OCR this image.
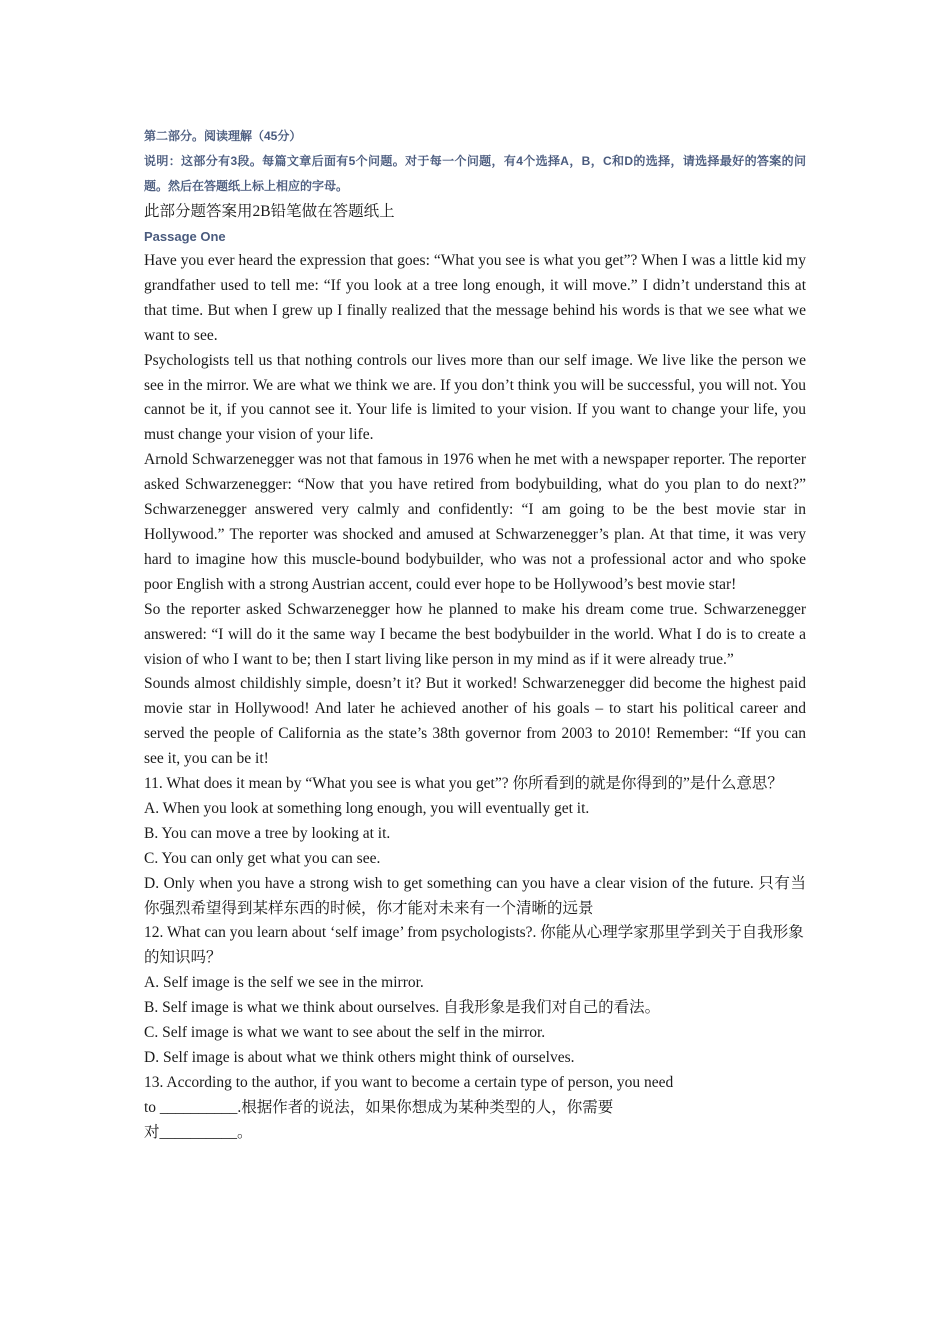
第二部分。阅读理解（45分）

说明：这部分有3段。每篇文章后面有5个问题。对于每一个问题，有4个选择A，B，C和D的选择，请选择最好的答案的问题。然后在答题纸上标上相应的字母。

此部分题答案用2B铅笔做在答题纸上

Passage One

Have you ever heard the expression that goes: “What you see is what you get”? When I was a little kid my grandfather used to tell me: “If you look at a tree long enough, it will move.” I didn’t understand this at that time. But when I grew up I finally realized that the message behind his words is that we see what we want to see.

Psychologists tell us that nothing controls our lives more than our self image. We live like the person we see in the mirror. We are what we think we are. If you don’t think you will be successful, you will not. You cannot be it, if you cannot see it. Your life is limited to your vision. If you want to change your life, you must change your vision of your life.

Arnold Schwarzenegger was not that famous in 1976 when he met with a newspaper reporter. The reporter asked Schwarzenegger: “Now that you have retired from bodybuilding, what do you plan to do next?” Schwarzenegger answered very calmly and confidently: “I am going to be the best movie star in Hollywood.” The reporter was shocked and amused at Schwarzenegger’s plan. At that time, it was very hard to imagine how this muscle-bound bodybuilder, who was not a professional actor and who spoke poor English with a strong Austrian accent, could ever hope to be Hollywood’s best movie star!

So the reporter asked Schwarzenegger how he planned to make his dream come true. Schwarzenegger answered: “I will do it the same way I became the best bodybuilder in the world. What I do is to create a vision of who I want to be; then I start living like person in my mind as if it were already true.”

Sounds almost childishly simple, doesn’t it? But it worked! Schwarzenegger did become the highest paid movie star in Hollywood! And later he achieved another of his goals – to start his political career and served the people of California as the state’s 38th governor from 2003 to 2010! Remember: “If you can see it, you can be it!

11. What does it mean by “What you see is what you get”? 你所看到的就是你得到的”是什么意思？

A. When you look at something long enough, you will eventually get it.

B. You can move a tree by looking at it.

C. You can only get what you can see.

D. Only when you have a strong wish to get something can you have a clear vision of the future. 只有当你强烈希望得到某样东西的时候，你才能对未来有一个清晰的远景

12. What can you learn about ‘self image’ from psychologists?. 你能从心理学家那里学到关于自我形象的知识吗？

A. Self image is the self we see in the mirror.

B. Self image is what we think about ourselves. 自我形象是我们对自己的看法。

C. Self image is what we want to see about the self in the mirror.

D. Self image is about what we think others might think of ourselves.

13. According to the author, if you want to become a certain type of person, you need

to __________.根据作者的说法，如果你想成为某种类型的人，你需要

对__________。
